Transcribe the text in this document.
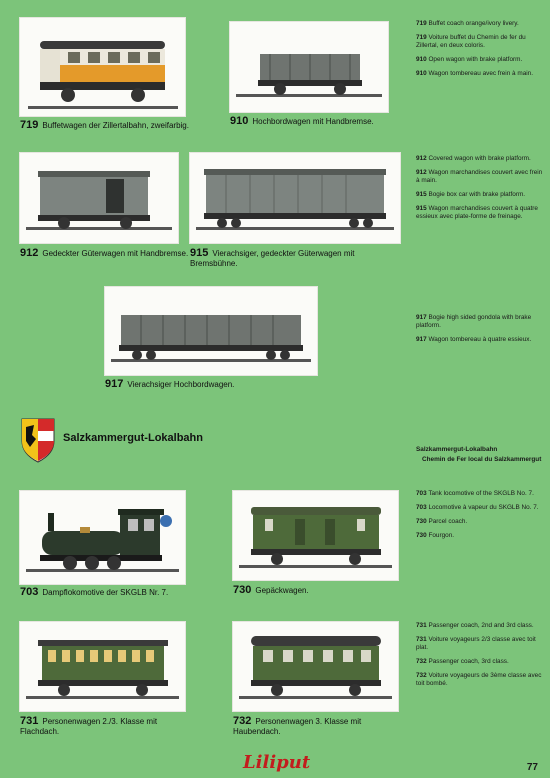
719 Buffetwagen der Zillertalbahn, zweifarbig.	910 Hochbordwagen mit Handbremse.

719 Buffet coach orange/ivory livery.

719 Voiture buffet du Chemin de fer du Zillertal, en deux coloris.

910 Open wagon with brake platform.

910 Wagon tombereau avec frein à main.

912 Gedeckter Güterwagen mit Handbremse. 915 Vierachsiger, gedeckter Güterwagen mit Bremsbühne.

912 Covered wagon with brake platform.

912 Wagon marchandises couvert avec frein à main.

915 Bogie box car with brake platform.

915 Wagon marchandises couvert à quatre essieux avec plate-forme de freinage.

917 Vierachsiger Hochbordwagen.

917 Bogie high sided gondola with brake platform.

917 Wagon tombereau à quatre essieux.

Salzkammergut-Lokalbahn

Salzkammergut-Lokalbahn

Chemin de Fer local du Salzkammergut

703 Dampflokomotive der SKGLB Nr. 7.	730 Gepäckwagen.

703 Tank locomotive of the SKGLB No. 7.

703 Locomotive à vapeur du SKGLB No. 7.

730 Parcel coach.

730 Fourgon.

731 Personenwagen 2./3. Klasse mit Flachdach.
732 Personenwagen 3. Klasse mit Haubendach.

731 Passenger coach, 2nd and 3rd class.

731 Voiture voyageurs 2/3 classe avec toit plat.

732 Passenger coach, 3rd class.

732 Voiture voyageurs de 3ème classe avec toit bombé.

Liliput	77
